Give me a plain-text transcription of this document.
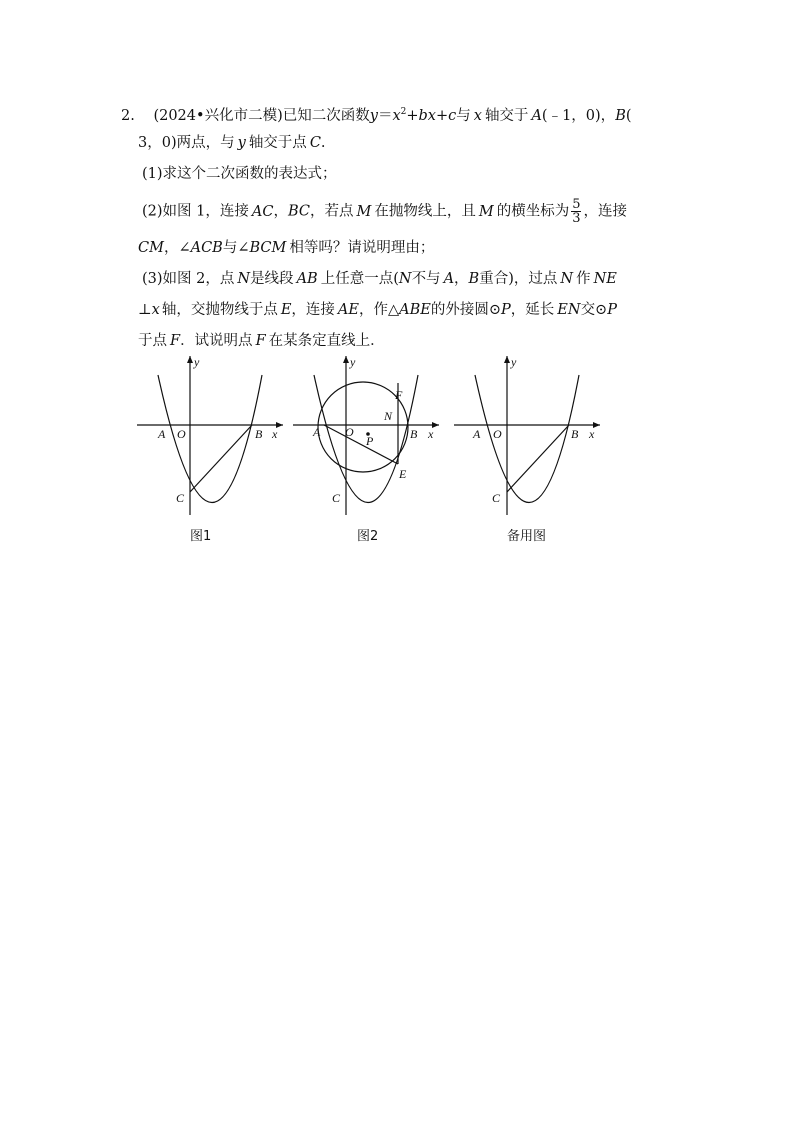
2. (2024•兴化市二模)已知二次函数$y=x^2+bx+c$与 x 轴交于 A(﹣1，0)，B(
3，0)两点，与 y 轴交于点 C.
(1)求这个二次函数的表达式；
(2)如图 1，连接 AC，BC，若点 M 在抛物线上，且 M 的横坐标为 $\frac{5}{3}$ ，连接
CM，∠ACB与∠BCM 相等吗？请说明理由；
(3)如图 2，点 N是线段 AB 上任意一点(N不与 A，B重合)，过点 N 作 NE
⊥x 轴，交抛物线于点 E，连接 AE，作△ABE的外接圆⊙P，延长 EN交⊙P
于点 F．试说明点 F 在某条定直线上．
y
A O	B x
C
y
F
N
A O
P	B x
E
C
y
A O	B x
C
图1	图2	备用图
